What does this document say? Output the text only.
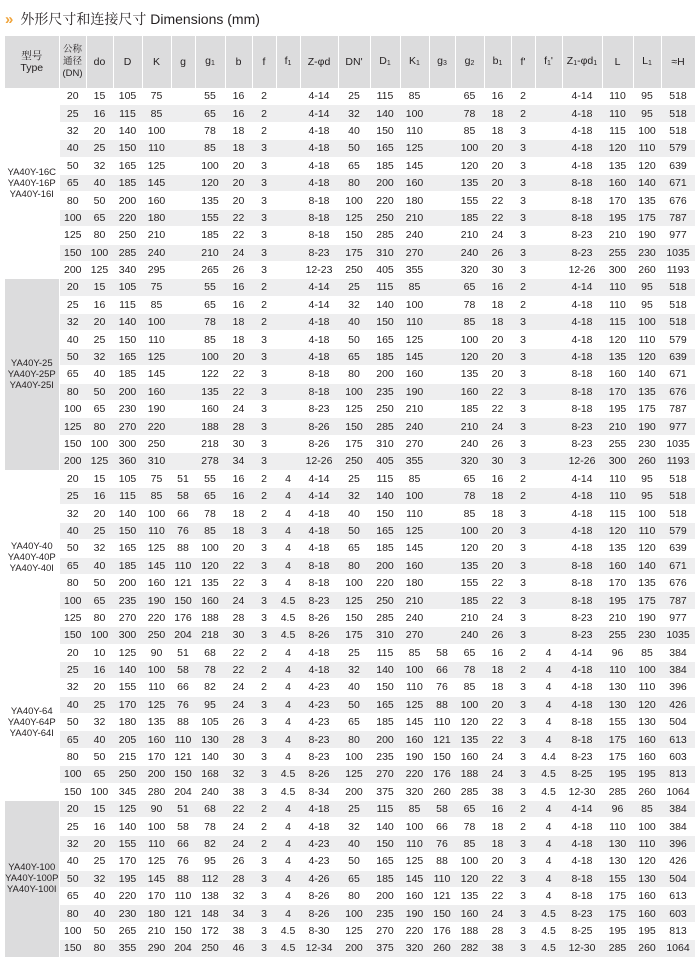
» 外形尺寸和连接尺寸 Dimensions (mm)
型号
Type	公称
通径
(DN)	do	D	K	g	$g_1$	b	f	$f_1$	Z-φd	DN'	$D_1$	$K_1$	$g_3$	$g_2$	$b_1$	f'	$f_1'$	$Z_1-\varphi d_1$	L	$L_1$	≈H

YA40Y-16C
YA40Y-16P
YA40Y-16I	20	15	105	75		55	16	2		4-14	25	115	85		65	16	2		4-14	110	95	518
	25	16	115	85		65	16	2		4-14	32	140	100		78	18	2		4-18	110	95	518
	32	20	140	100		78	18	2		4-18	40	150	110		85	18	3		4-18	115	100	518
	40	25	150	110		85	18	3		4-18	50	165	125		100	20	3		4-18	120	110	579
	50	32	165	125		100	20	3		4-18	65	185	145		120	20	3		4-18	135	120	639
	65	40	185	145		120	20	3		4-18	80	200	160		135	20	3		8-18	160	140	671
	80	50	200	160		135	20	3		8-18	100	220	180		155	22	3		8-18	170	135	676
	100	65	220	180		155	22	3		8-18	125	250	210		185	22	3		8-18	195	175	787
	125	80	250	210		185	22	3		8-18	150	285	240		210	24	3		8-23	210	190	977
	150	100	285	240		210	24	3		8-23	175	310	270		240	26	3		8-23	255	230	1035
	200	125	340	295		265	26	3		12-23	250	405	355		320	30	3		12-26	300	260	1193

YA40Y-25
YA40Y-25P
YA40Y-25I	20	15	105	75		55	16	2		4-14	25	115	85		65	16	2		4-14	110	95	518
	25	16	115	85		65	16	2		4-14	32	140	100		78	18	2		4-18	110	95	518
	32	20	140	100		78	18	2		4-18	40	150	110		85	18	3		4-18	115	100	518
	40	25	150	110		85	18	3		4-18	50	165	125		100	20	3		4-18	120	110	579
	50	32	165	125		100	20	3		4-18	65	185	145		120	20	3		4-18	135	120	639
	65	40	185	145		122	22	3		8-18	80	200	160		135	20	3		8-18	160	140	671
	80	50	200	160		135	22	3		8-18	100	235	190		160	22	3		8-18	170	135	676
	100	65	230	190		160	24	3		8-23	125	250	210		185	22	3		8-18	195	175	787
	125	80	270	220		188	28	3		8-26	150	285	240		210	24	3		8-23	210	190	977
	150	100	300	250		218	30	3		8-26	175	310	270		240	26	3		8-23	255	230	1035
	200	125	360	310		278	34	3		12-26	250	405	355		320	30	3		12-26	300	260	1193

YA40Y-40
YA40Y-40P
YA40Y-40I	20	15	105	75	51	55	16	2	4	4-14	25	115	85		65	16	2		4-14	110	95	518
	25	16	115	85	58	65	16	2	4	4-14	32	140	100		78	18	2		4-18	110	95	518
	32	20	140	100	66	78	18	2	4	4-18	40	150	110		85	18	3		4-18	115	100	518
	40	25	150	110	76	85	18	3	4	4-18	50	165	125		100	20	3		4-18	120	110	579
	50	32	165	125	88	100	20	3	4	4-18	65	185	145		120	20	3		4-18	135	120	639
	65	40	185	145	110	120	22	3	4	8-18	80	200	160		135	20	3		8-18	160	140	671
	80	50	200	160	121	135	22	3	4	8-18	100	220	180		155	22	3		8-18	170	135	676
	100	65	235	190	150	160	24	3	4.5	8-23	125	250	210		185	22	3		8-18	195	175	787
	125	80	270	220	176	188	28	3	4.5	8-26	150	285	240		210	24	3		8-23	210	190	977
	150	100	300	250	204	218	30	3	4.5	8-26	175	310	270		240	26	3		8-23	255	230	1035

YA40Y-64
YA40Y-64P
YA40Y-64I	20	10	125	90	51	68	22	2	4	4-18	25	115	85	58	65	16	2	4	4-14	96	85	384
	25	16	140	100	58	78	22	2	4	4-18	32	140	100	66	78	18	2	4	4-18	110	100	384
	32	20	155	110	66	82	24	2	4	4-23	40	150	110	76	85	18	3	4	4-18	130	110	396
	40	25	170	125	76	95	24	3	4	4-23	50	165	125	88	100	20	3	4	4-18	130	120	426
	50	32	180	135	88	105	26	3	4	4-23	65	185	145	110	120	22	3	4	8-18	155	130	504
	65	40	205	160	110	130	28	3	4	8-23	80	200	160	121	135	22	3	4	8-18	175	160	613
	80	50	215	170	121	140	30	3	4	8-23	100	235	190	150	160	24	3	4.4	8-23	175	160	603
	100	65	250	200	150	168	32	3	4.5	8-26	125	270	220	176	188	24	3	4.5	8-25	195	195	813
	150	100	345	280	204	240	38	3	4.5	8-34	200	375	320	260	285	38	3	4.5	12-30	285	260	1064

YA40Y-100
YA40Y-100P
YA40Y-100I	20	15	125	90	51	68	22	2	4	4-18	25	115	85	58	65	16	2	4	4-14	96	85	384
	25	16	140	100	58	78	24	2	4	4-18	32	140	100	66	78	18	2	4	4-18	110	100	384
	32	20	155	110	66	82	24	2	4	4-23	40	150	110	76	85	18	3	4	4-18	130	110	396
	40	25	170	125	76	95	26	3	4	4-23	50	165	125	88	100	20	3	4	4-18	130	120	426
	50	32	195	145	88	112	28	3	4	4-26	65	185	145	110	120	22	3	4	8-18	155	130	504
	65	40	220	170	110	138	32	3	4	8-26	80	200	160	121	135	22	3	4	8-18	175	160	613
	80	40	230	180	121	148	34	3	4	8-26	100	235	190	150	160	24	3	4.5	8-23	175	160	603
	100	50	265	210	150	172	38	3	4.5	8-30	125	270	220	176	188	28	3	4.5	8-25	195	195	813
	150	80	355	290	204	250	46	3	4.5	12-34	200	375	320	260	282	38	3	4.5	12-30	285	260	1064
